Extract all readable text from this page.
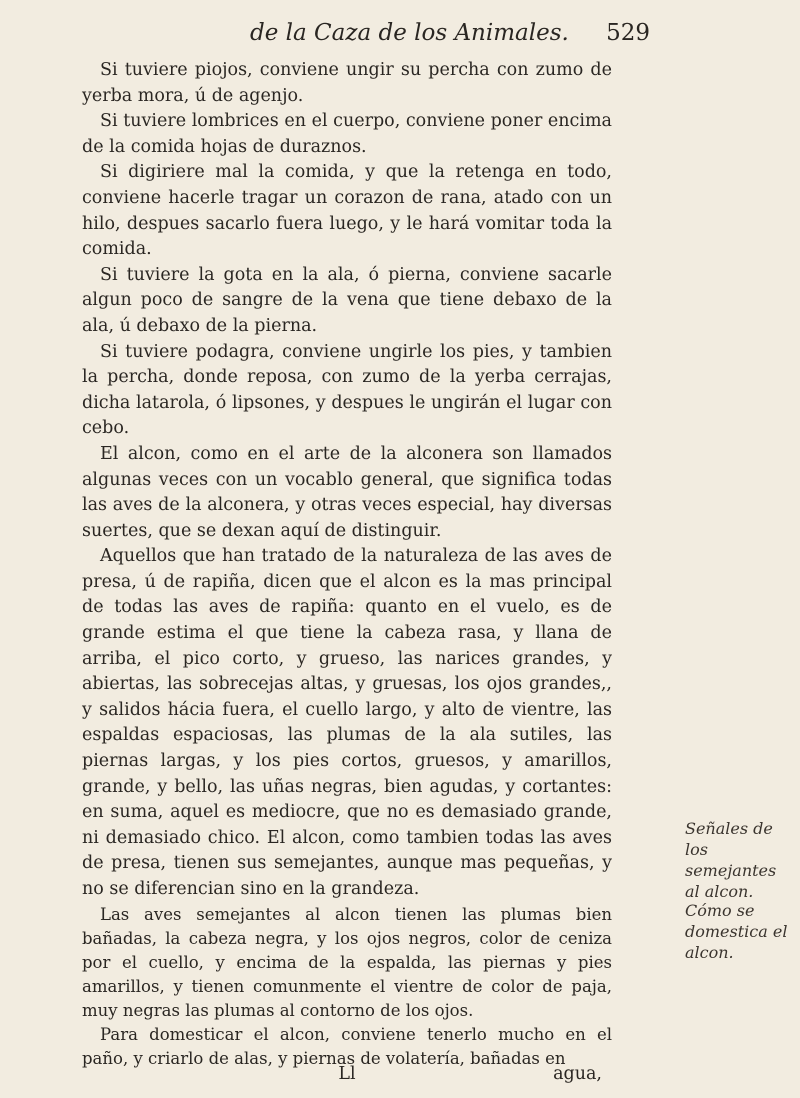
de la Caza de los Animales. 529

Si tuviere piojos, conviene ungir su percha con zumo de yerba mora, ú de agenjo.

Si tuviere lombrices en el cuerpo, conviene poner encima de la comida hojas de duraznos.

Si digiriere mal la comida, y que la retenga en todo, conviene hacerle tragar un corazon de rana, atado con un hilo, despues sacarlo fuera luego, y le hará vomitar toda la comida.

Si tuviere la gota en la ala, ó pierna, conviene sacarle algun poco de sangre de la vena que tiene debaxo de la ala, ú debaxo de la pierna.

Si tuviere podagra, conviene ungirle los pies, y tambien la percha, donde reposa, con zumo de la yerba cerrajas, dicha latarola, ó lipsones, y despues le ungirán el lugar con cebo.

El alcon, como en el arte de la alconera son llamados algunas veces con un vocablo general, que significa todas las aves de la alconera, y otras veces especial, hay diversas suertes, que se dexan aquí de distinguir.

Aquellos que han tratado de la naturaleza de las aves de presa, ú de rapiña, dicen que el alcon es la mas principal de todas las aves de rapiña: quanto en el vuelo, es de grande estima el que tiene la cabeza rasa, y llana de arriba, el pico corto, y grueso, las narices grandes, y abiertas, las sobrecejas altas, y gruesas, los ojos grandes,, y salidos hácia fuera, el cuello largo, y alto de vientre, las espaldas espaciosas, las plumas de la ala sutiles, las piernas largas, y los pies cortos, gruesos, y amarillos, grande, y bello, las uñas negras, bien agudas, y cortantes: en suma, aquel es mediocre, que no es demasiado grande, ni demasiado chico. El alcon, como tambien todas las aves de presa, tienen sus semejantes, aunque mas pequeñas, y no se diferencian sino en la grandeza.

Las aves semejantes al alcon tienen las plumas bien bañadas, la cabeza negra, y los ojos negros, color de ceniza por el cuello, y encima de la espalda, las piernas y pies amarillos, y tienen comunmente el vientre de color de paja, muy negras las plumas al contorno de los ojos.

Para domesticar el alcon, conviene tenerlo mucho en el paño, y criarlo de alas, y piernas de volatería, bañadas en

Ll	agua,
Señales de los semejantes al alcon.
Cómo se domestica el alcon.
